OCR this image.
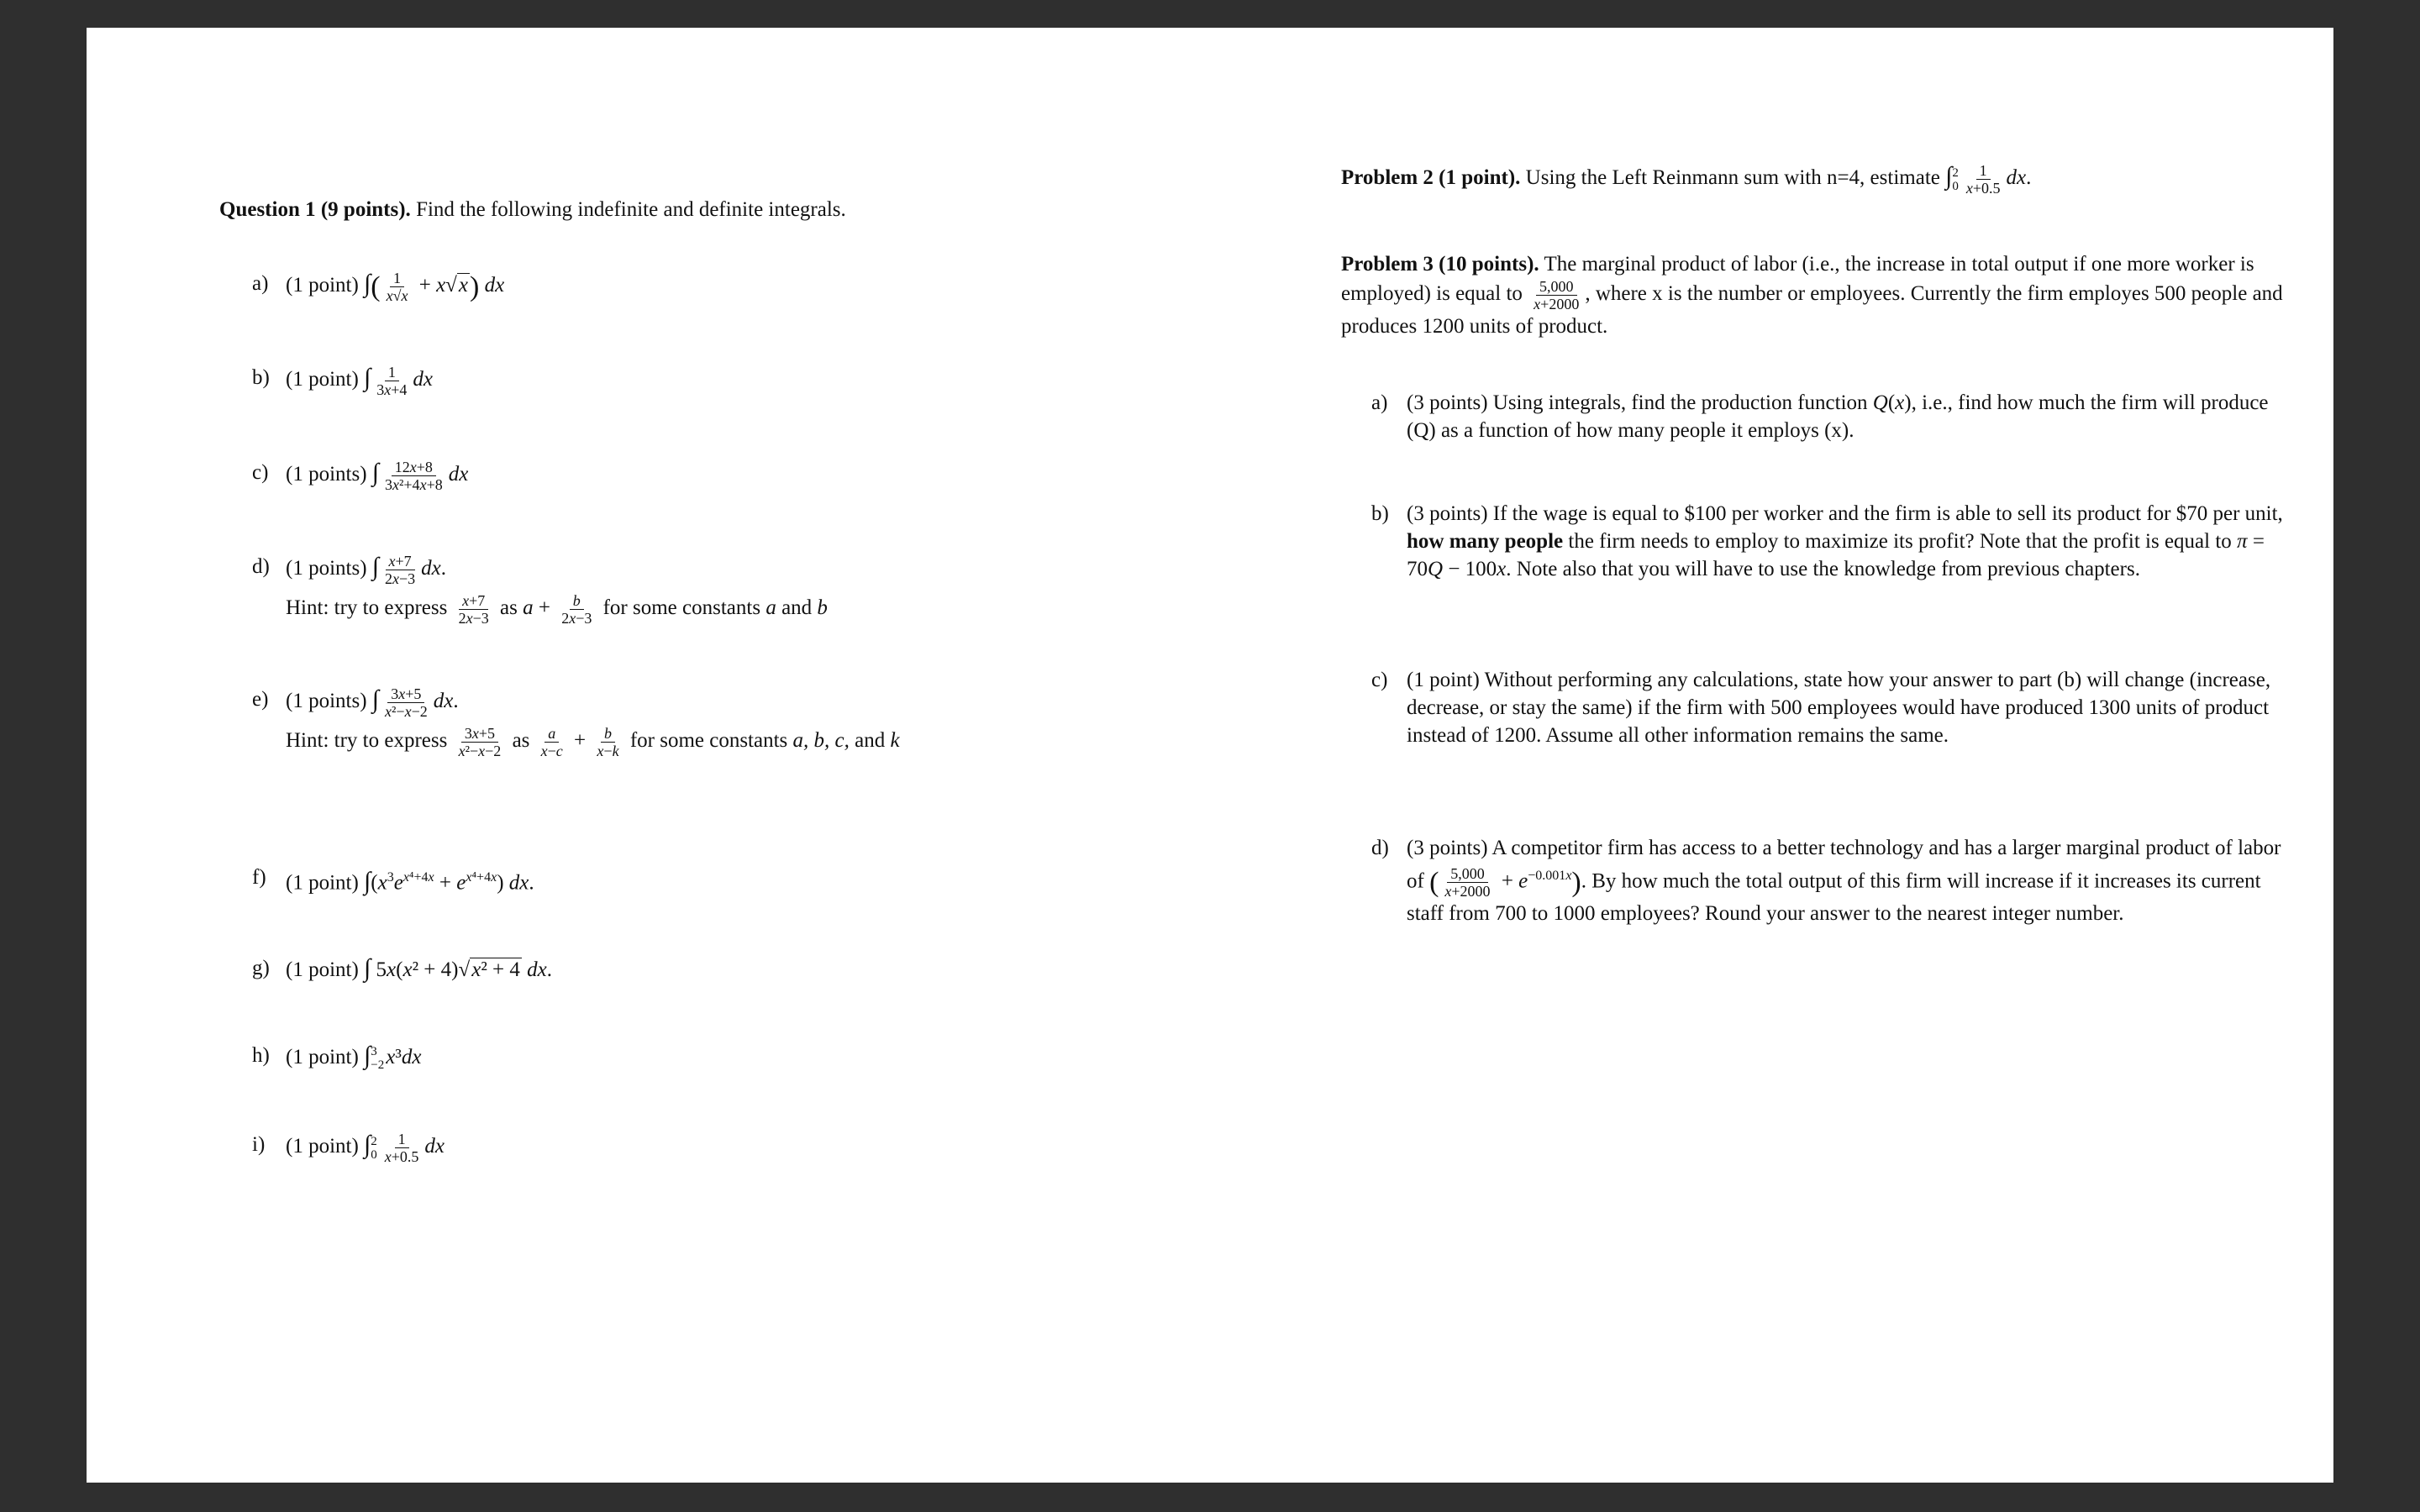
Question 1 (9 points). Find the following indefinite and definite integrals.

a) (1 point) ∫( $\frac{1}{x√x} + x√x$) dx
b) (1 point) ∫ $\frac{1}{3x+4}$ dx
c) (1 points) ∫ $\frac{12x+8}{\text{3x²+4x+8}}$ dx
d) (1 points) ∫ $\frac{x+7}{2x-3}$ dx.
Hint: try to express $\frac{x+7}{2x-3}$ as $a + \frac{b}{2x-3}$ for some constants a and b
e) (1 points) ∫ $\frac{3x+5}{\text{x²−x−2}}$ dx.
Hint: try to express $\frac{3x+5}{\text{x²−x−2}}$ as $\frac{a}{x-c} + \frac{b}{x-k}$ for some constants a, b, c, and k
f) (1 point) $\int(x^3e^{x^4+4x} + e^{x^4+4x})$ dx.
g) (1 point) ∫ 5x(x² + 4)√x² + 4 dx.
h) (1 point) ∫ 3
−2 x³dx
i) (1 point) ∫ 2
$0 \frac{1}{x+0.5}$ dx
Problem 2 (1 point). Using the Left Reinmann sum with n=4, estimate ∫ 2
$0 \frac{1}{x+0.5}$ dx.
Problem 3 (10 points). The marginal product of labor (i.e., the increase in total output if one more worker is employed) is equal to $\frac{5,000}{x+2000}$ , where x is the number or employees. Currently the firm employes 500 people and produces 1200 units of product.
a) (3 points) Using integrals, find the production function Q(x), i.e., find how much the firm will produce (Q) as a function of how many people it employs (x).
b) (3 points) If the wage is equal to $100 per worker and the firm is able to sell its product for $70 per unit, how many people the firm needs to employ to maximize its profit? Note that the profit is equal to π = 70Q − 100x. Note also that you will have to use the knowledge from previous chapters.
c) (1 point) Without performing any calculations, state how your answer to part (b) will change (increase, decrease, or stay the same) if the firm with 500 employees would have produced 1300 units of product instead of 1200. Assume all other information remains the same.
d) (3 points) A competitor firm has access to a better technology and has a larger marginal product of labor of ( $\frac{5,000}{x+2000} + e^{-0.001x}$). By how much the total output of this firm will increase if it increases its current staff from 700 to 1000 employees? Round your answer to the nearest integer number.
